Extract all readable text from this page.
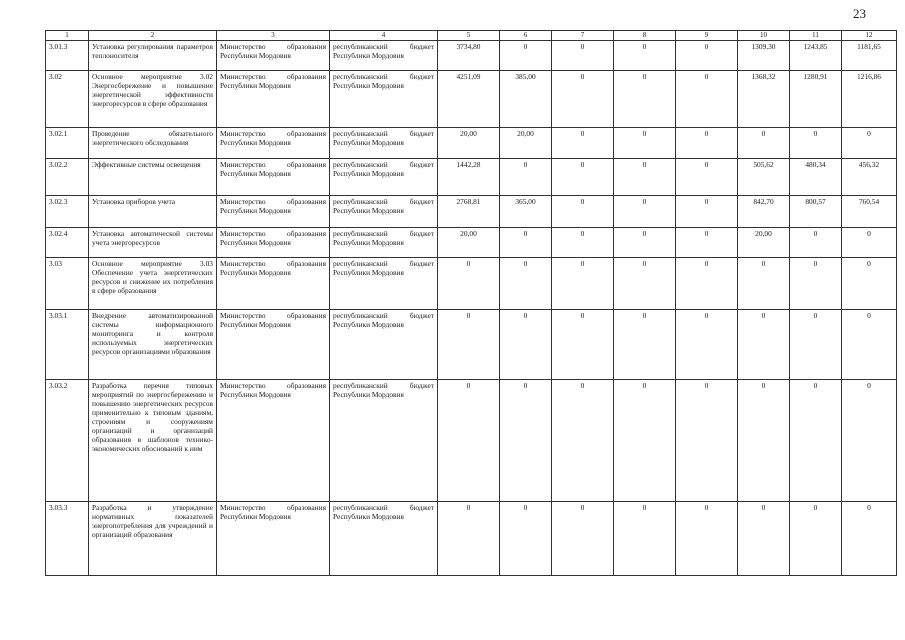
23
1	2	3	4	5	6	7	8	9	10	11	12
3.01.3	Установка регулирования параметров теплоносителя	Министерство образования Республики Мордовия	республиканский бюджет Республики Мордовия	3734,80	0	0	0	0	1309,30	1243,85	1181,65
3.02	Основное мероприятие 3.02 Энергосбережение и повышение энергетической эффективности энергоресурсов в сфере образования	Министерство образования Республики Мордовия	республиканский бюджет Республики Мордовия	4251,09	385,00	0	0	0	1368,32	1280,91	1216,86
3.02.1	Проведение обязательного энергетического обследования	Министерство образования Республики Мордовия	республиканский бюджет Республики Мордовия	20,00	20,00	0	0	0	0	0	0
3.02.2	Эффективные системы освещения	Министерство образования Республики Мордовия	республиканский бюджет Республики Мордовия	1442,28	0	0	0	0	505,62	480,34	456,32
3.02.3	Установка приборов учета	Министерство образования Республики Мордовия	республиканский бюджет Республики Мордовия	2768,81	365,00	0	0	0	842,70	800,57	760,54
3.02.4	Установка автоматической системы учета энергоресурсов	Министерство образования Республики Мордовия	республиканский бюджет Республики Мордовия	20,00	0	0	0	0	20,00	0	0
3.03	Основное мероприятие 3.03 Обеспечение учета энергетических ресурсов и снижение их потребления в сфере образования	Министерство образования Республики Мордовия	республиканский бюджет Республики Мордовия	0	0	0	0	0	0	0	0
3.03.1	Внедрение автоматизированной системы информационного мониторинга и контроля используемых энергетических ресурсов организациями образования	Министерство образования Республики Мордовия	республиканский бюджет Республики Мордовия	0	0	0	0	0	0	0	0
3.03.2	Разработка перечня типовых мероприятий по энергосбережению и повышению энергетических ресурсов применительно к типовым зданиям, строениям и сооружениям организаций и организаций образования в шаблонов технико-экономических обоснований к ним	Министерство образования Республики Мордовия	республиканский бюджет Республики Мордовия	0	0	0	0	0	0	0	0
3.03.3	Разработка и утверждение нормативных показателей энергопотребления для учреждений и организаций образования	Министерство образования Республики Мордовия	республиканский бюджет Республики Мордовия	0	0	0	0	0	0	0	0
